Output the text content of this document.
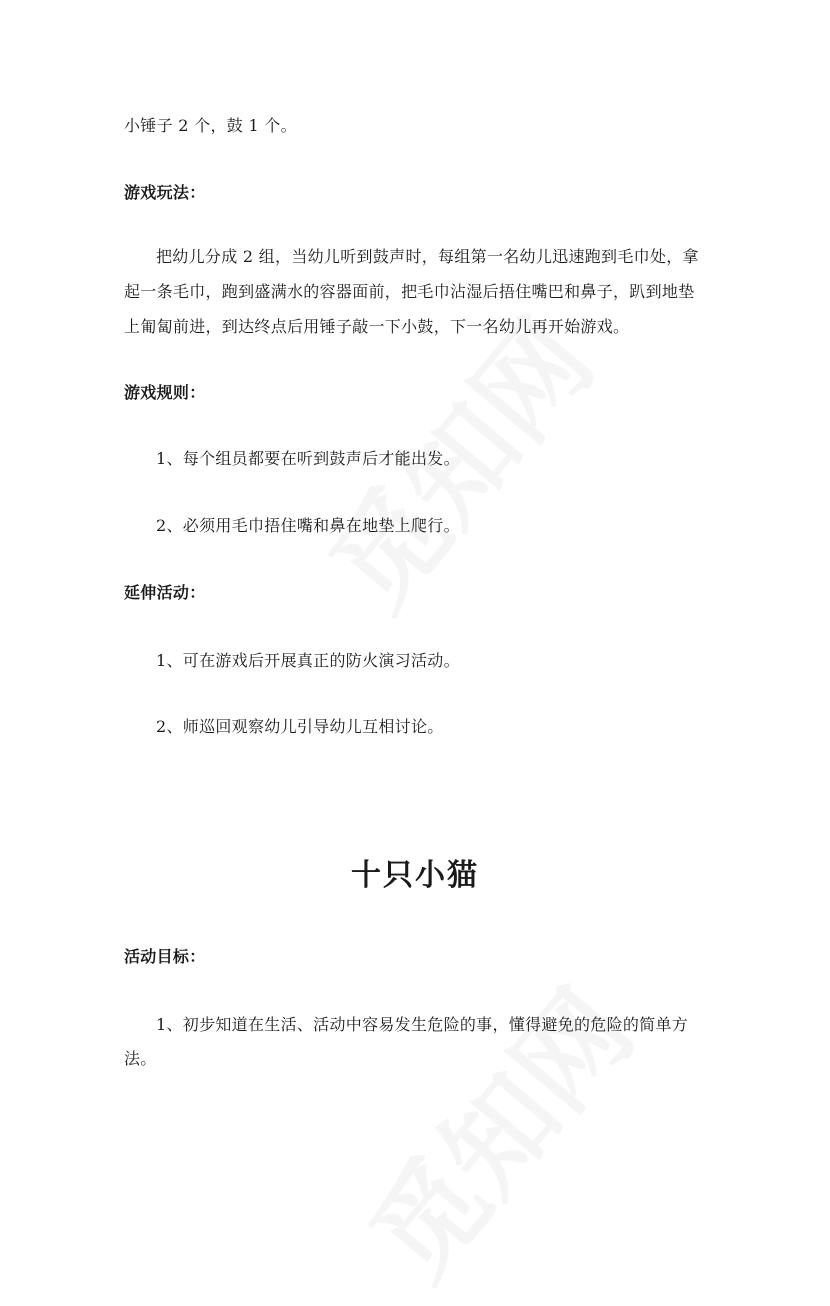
小锤子 2 个，鼓 1 个。
游戏玩法：
把幼儿分成 2 组，当幼儿听到鼓声时，每组第一名幼儿迅速跑到毛巾处，拿
起一条毛巾，跑到盛满水的容器面前，把毛巾沾湿后捂住嘴巴和鼻子，趴到地垫
上匍匐前进，到达终点后用锤子敲一下小鼓，下一名幼儿再开始游戏。
游戏规则：
1、每个组员都要在听到鼓声后才能出发。
2、必须用毛巾捂住嘴和鼻在地垫上爬行。
延伸活动：
1、可在游戏后开展真正的防火演习活动。
2、师巡回观察幼儿引导幼儿互相讨论。
十只小猫
活动目标：
1、初步知道在生活、活动中容易发生危险的事，懂得避免的危险的简单方
法。
